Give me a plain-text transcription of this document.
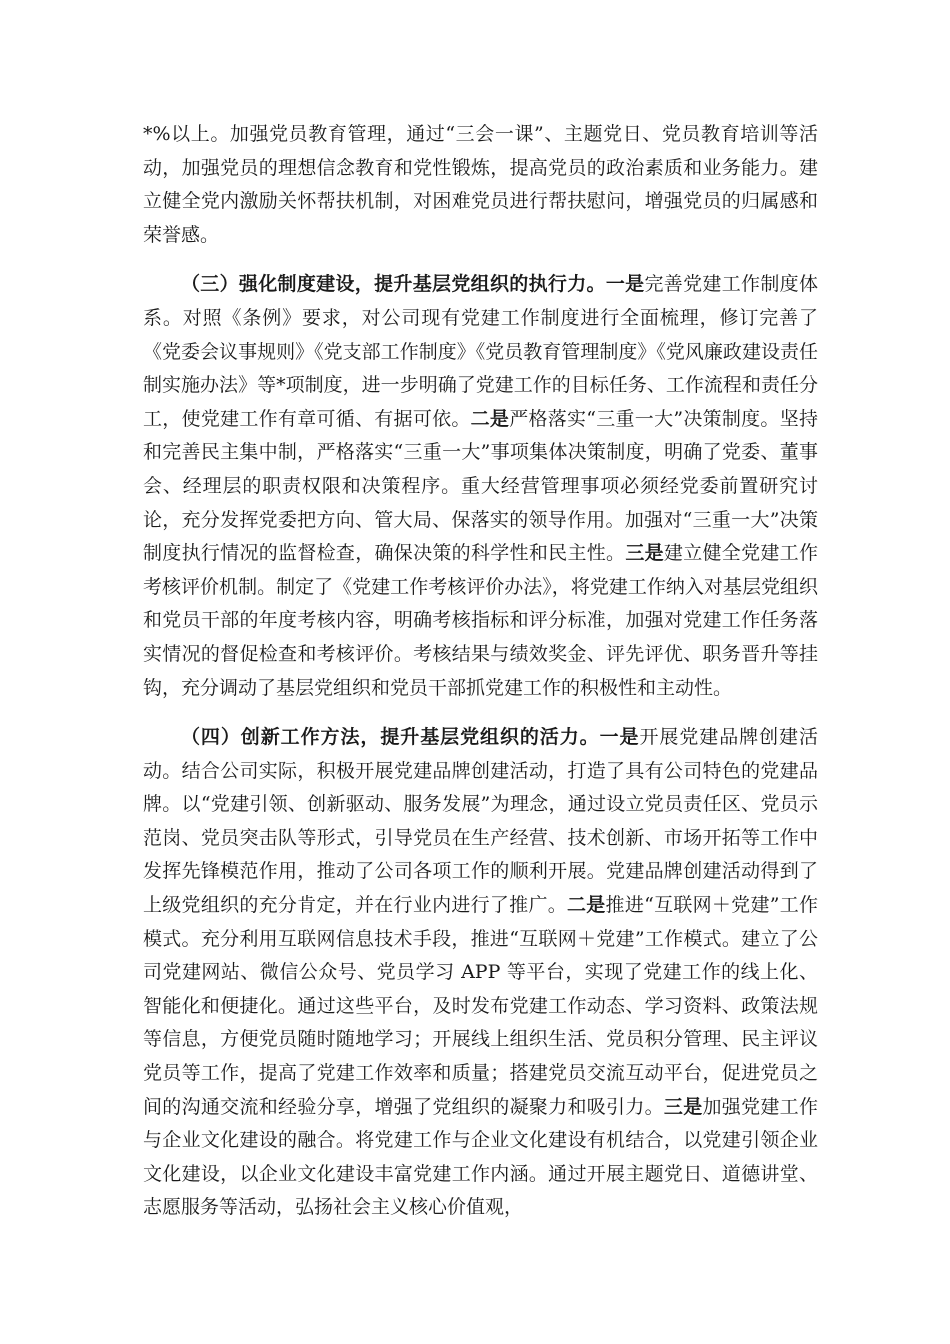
*%以上。加强党员教育管理，通过“三会一课”、主题党日、党员教育培训等活动，加强党员的理想信念教育和党性锻炼，提高党员的政治素质和业务能力。建立健全党内激励关怀帮扶机制，对困难党员进行帮扶慰问，增强党员的归属感和荣誉感。

（三）强化制度建设，提升基层党组织的执行力。一是完善党建工作制度体系。对照《条例》要求，对公司现有党建工作制度进行全面梳理，修订完善了《党委会议事规则》《党支部工作制度》《党员教育管理制度》《党风廉政建设责任制实施办法》等*项制度，进一步明确了党建工作的目标任务、工作流程和责任分工，使党建工作有章可循、有据可依。二是严格落实“三重一大”决策制度。坚持和完善民主集中制，严格落实“三重一大”事项集体决策制度，明确了党委、董事会、经理层的职责权限和决策程序。重大经营管理事项必须经党委前置研究讨论，充分发挥党委把方向、管大局、保落实的领导作用。加强对“三重一大”决策制度执行情况的监督检查，确保决策的科学性和民主性。三是建立健全党建工作考核评价机制。制定了《党建工作考核评价办法》，将党建工作纳入对基层党组织和党员干部的年度考核内容，明确考核指标和评分标准，加强对党建工作任务落实情况的督促检查和考核评价。考核结果与绩效奖金、评先评优、职务晋升等挂钩，充分调动了基层党组织和党员干部抓党建工作的积极性和主动性。

（四）创新工作方法，提升基层党组织的活力。一是开展党建品牌创建活动。结合公司实际，积极开展党建品牌创建活动，打造了具有公司特色的党建品牌。以“党建引领、创新驱动、服务发展”为理念，通过设立党员责任区、党员示范岗、党员突击队等形式，引导党员在生产经营、技术创新、市场开拓等工作中发挥先锋模范作用，推动了公司各项工作的顺利开展。党建品牌创建活动得到了上级党组织的充分肯定，并在行业内进行了推广。二是推进“互联网＋党建”工作模式。充分利用互联网信息技术手段，推进“互联网＋党建”工作模式。建立了公司党建网站、微信公众号、党员学习 APP 等平台，实现了党建工作的线上化、智能化和便捷化。通过这些平台，及时发布党建工作动态、学习资料、政策法规等信息，方便党员随时随地学习；开展线上组织生活、党员积分管理、民主评议党员等工作，提高了党建工作效率和质量；搭建党员交流互动平台，促进党员之间的沟通交流和经验分享，增强了党组织的凝聚力和吸引力。三是加强党建工作与企业文化建设的融合。将党建工作与企业文化建设有机结合，以党建引领企业文化建设，以企业文化建设丰富党建工作内涵。通过开展主题党日、道德讲堂、志愿服务等活动，弘扬社会主义核心价值观，
